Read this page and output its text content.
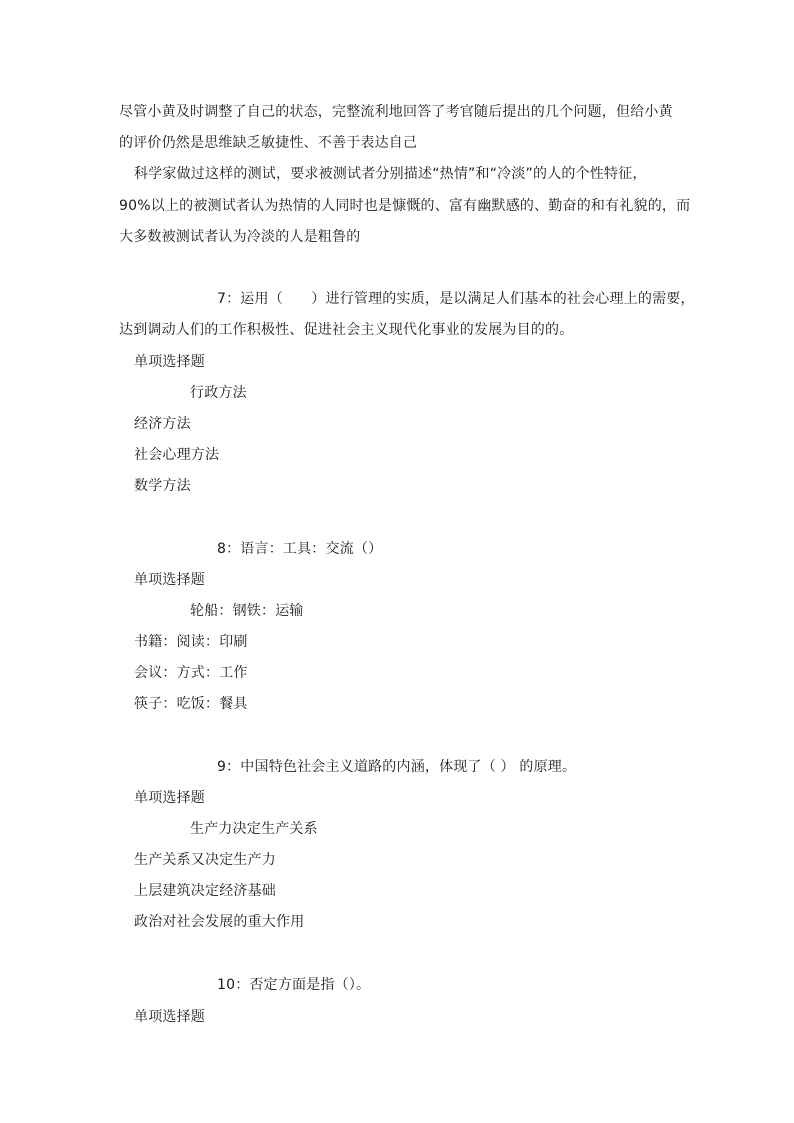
尽管小黄及时调整了自己的状态，完整流利地回答了考官随后提出的几个问题，但给小黄
的评价仍然是思维缺乏敏捷性、不善于表达自己
科学家做过这样的测试，要求被测试者分别描述“热情”和“冷淡”的人的个性特征，
90%以上的被测试者认为热情的人同时也是慷慨的、富有幽默感的、勤奋的和有礼貌的，而
大多数被测试者认为冷淡的人是粗鲁的
7：运用（　　）进行管理的实质，是以满足人们基本的社会心理上的需要，
达到调动人们的工作积极性、促进社会主义现代化事业的发展为目的的。
单项选择题
行政方法
经济方法
社会心理方法
数学方法
8：语言：工具：交流（）
单项选择题
轮船：钢铁：运输
书籍：阅读：印刷
会议：方式：工作
筷子：吃饭：餐具
9：中国特色社会主义道路的内涵，体现了（ ） 的原理。
单项选择题
生产力决定生产关系
生产关系又决定生产力
上层建筑决定经济基础
政治对社会发展的重大作用
10：否定方面是指（）。
单项选择题
